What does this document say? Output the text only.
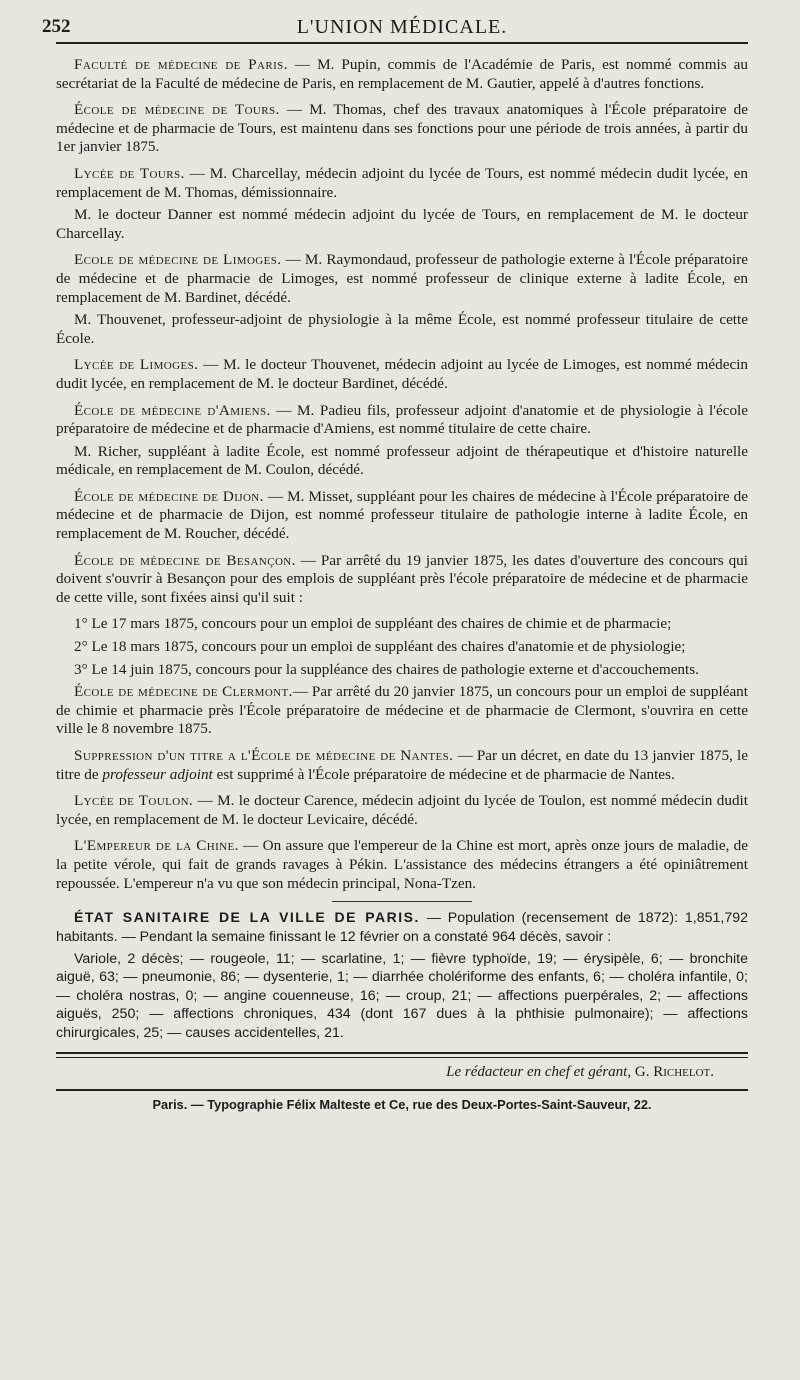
252	L'UNION MÉDICALE.

Faculté de médecine de Paris. — M. Pupin, commis de l'Académie de Paris, est nommé commis au secrétariat de la Faculté de médecine de Paris, en remplacement de M. Gautier, appelé à d'autres fonctions.

École de médecine de Tours. — M. Thomas, chef des travaux anatomiques à l'École préparatoire de médecine et de pharmacie de Tours, est maintenu dans ses fonctions pour une période de trois années, à partir du 1er janvier 1875.

Lycée de Tours. — M. Charcellay, médecin adjoint du lycée de Tours, est nommé médecin dudit lycée, en remplacement de M. Thomas, démissionnaire.

M. le docteur Danner est nommé médecin adjoint du lycée de Tours, en remplacement de M. le docteur Charcellay.

Ecole de médecine de Limoges. — M. Raymondaud, professeur de pathologie externe à l'École préparatoire de médecine et de pharmacie de Limoges, est nommé professeur de clinique externe à ladite École, en remplacement de M. Bardinet, décédé.

M. Thouvenet, professeur-adjoint de physiologie à la même École, est nommé professeur titulaire de cette École.

Lycée de Limoges. — M. le docteur Thouvenet, médecin adjoint au lycée de Limoges, est nommé médecin dudit lycée, en remplacement de M. le docteur Bardinet, décédé.

École de médecine d'Amiens. — M. Padieu fils, professeur adjoint d'anatomie et de physiologie à l'école préparatoire de médecine et de pharmacie d'Amiens, est nommé titulaire de cette chaire.

M. Richer, suppléant à ladite École, est nommé professeur adjoint de thérapeutique et d'histoire naturelle médicale, en remplacement de M. Coulon, décédé.

École de médecine de Dijon. — M. Misset, suppléant pour les chaires de médecine à l'École préparatoire de médecine et de pharmacie de Dijon, est nommé professeur titulaire de pathologie interne à ladite École, en remplacement de M. Roucher, décédé.

École de médecine de Besançon. — Par arrêté du 19 janvier 1875, les dates d'ouverture des concours qui doivent s'ouvrir à Besançon pour des emplois de suppléant près l'école préparatoire de médecine et de pharmacie de cette ville, sont fixées ainsi qu'il suit :

1° Le 17 mars 1875, concours pour un emploi de suppléant des chaires de chimie et de pharmacie;

2° Le 18 mars 1875, concours pour un emploi de suppléant des chaires d'anatomie et de physiologie;

3° Le 14 juin 1875, concours pour la suppléance des chaires de pathologie externe et d'accouchements.

École de médecine de Clermont.— Par arrêté du 20 janvier 1875, un concours pour un emploi de suppléant de chimie et pharmacie près l'École préparatoire de médecine et de pharmacie de Clermont, s'ouvrira en cette ville le 8 novembre 1875.

Suppression d'un titre a l'École de médecine de Nantes. — Par un décret, en date du 13 janvier 1875, le titre de professeur adjoint est supprimé à l'École préparatoire de médecine et de pharmacie de Nantes.

Lycée de Toulon. — M. le docteur Carence, médecin adjoint du lycée de Toulon, est nommé médecin dudit lycée, en remplacement de M. le docteur Levicaire, décédé.

L'Empereur de la Chine. — On assure que l'empereur de la Chine est mort, après onze jours de maladie, de la petite vérole, qui fait de grands ravages à Pékin. L'assistance des médecins étrangers a été opiniâtrement repoussée. L'empereur n'a vu que son médecin principal, Nona-Tzen.

ÉTAT SANITAIRE DE LA VILLE DE PARIS. — Population (recensement de 1872): 1,851,792 habitants. — Pendant la semaine finissant le 12 février on a constaté 964 décès, savoir :

Variole, 2 décès; — rougeole, 11; — scarlatine, 1; — fièvre typhoïde, 19; — érysipèle, 6; — bronchite aiguë, 63; — pneumonie, 86; — dysenterie, 1; — diarrhée cholériforme des enfants, 6; — choléra infantile, 0; — choléra nostras, 0; — angine couenneuse, 16; — croup, 21; — affections puerpérales, 2; — affections aiguës, 250; — affections chroniques, 434 (dont 167 dues à la phthisie pulmonaire); — affections chirurgicales, 25; — causes accidentelles, 21.

Le rédacteur en chef et gérant, G. Richelot.

Paris. — Typographie Félix Malteste et Ce, rue des Deux-Portes-Saint-Sauveur, 22.
